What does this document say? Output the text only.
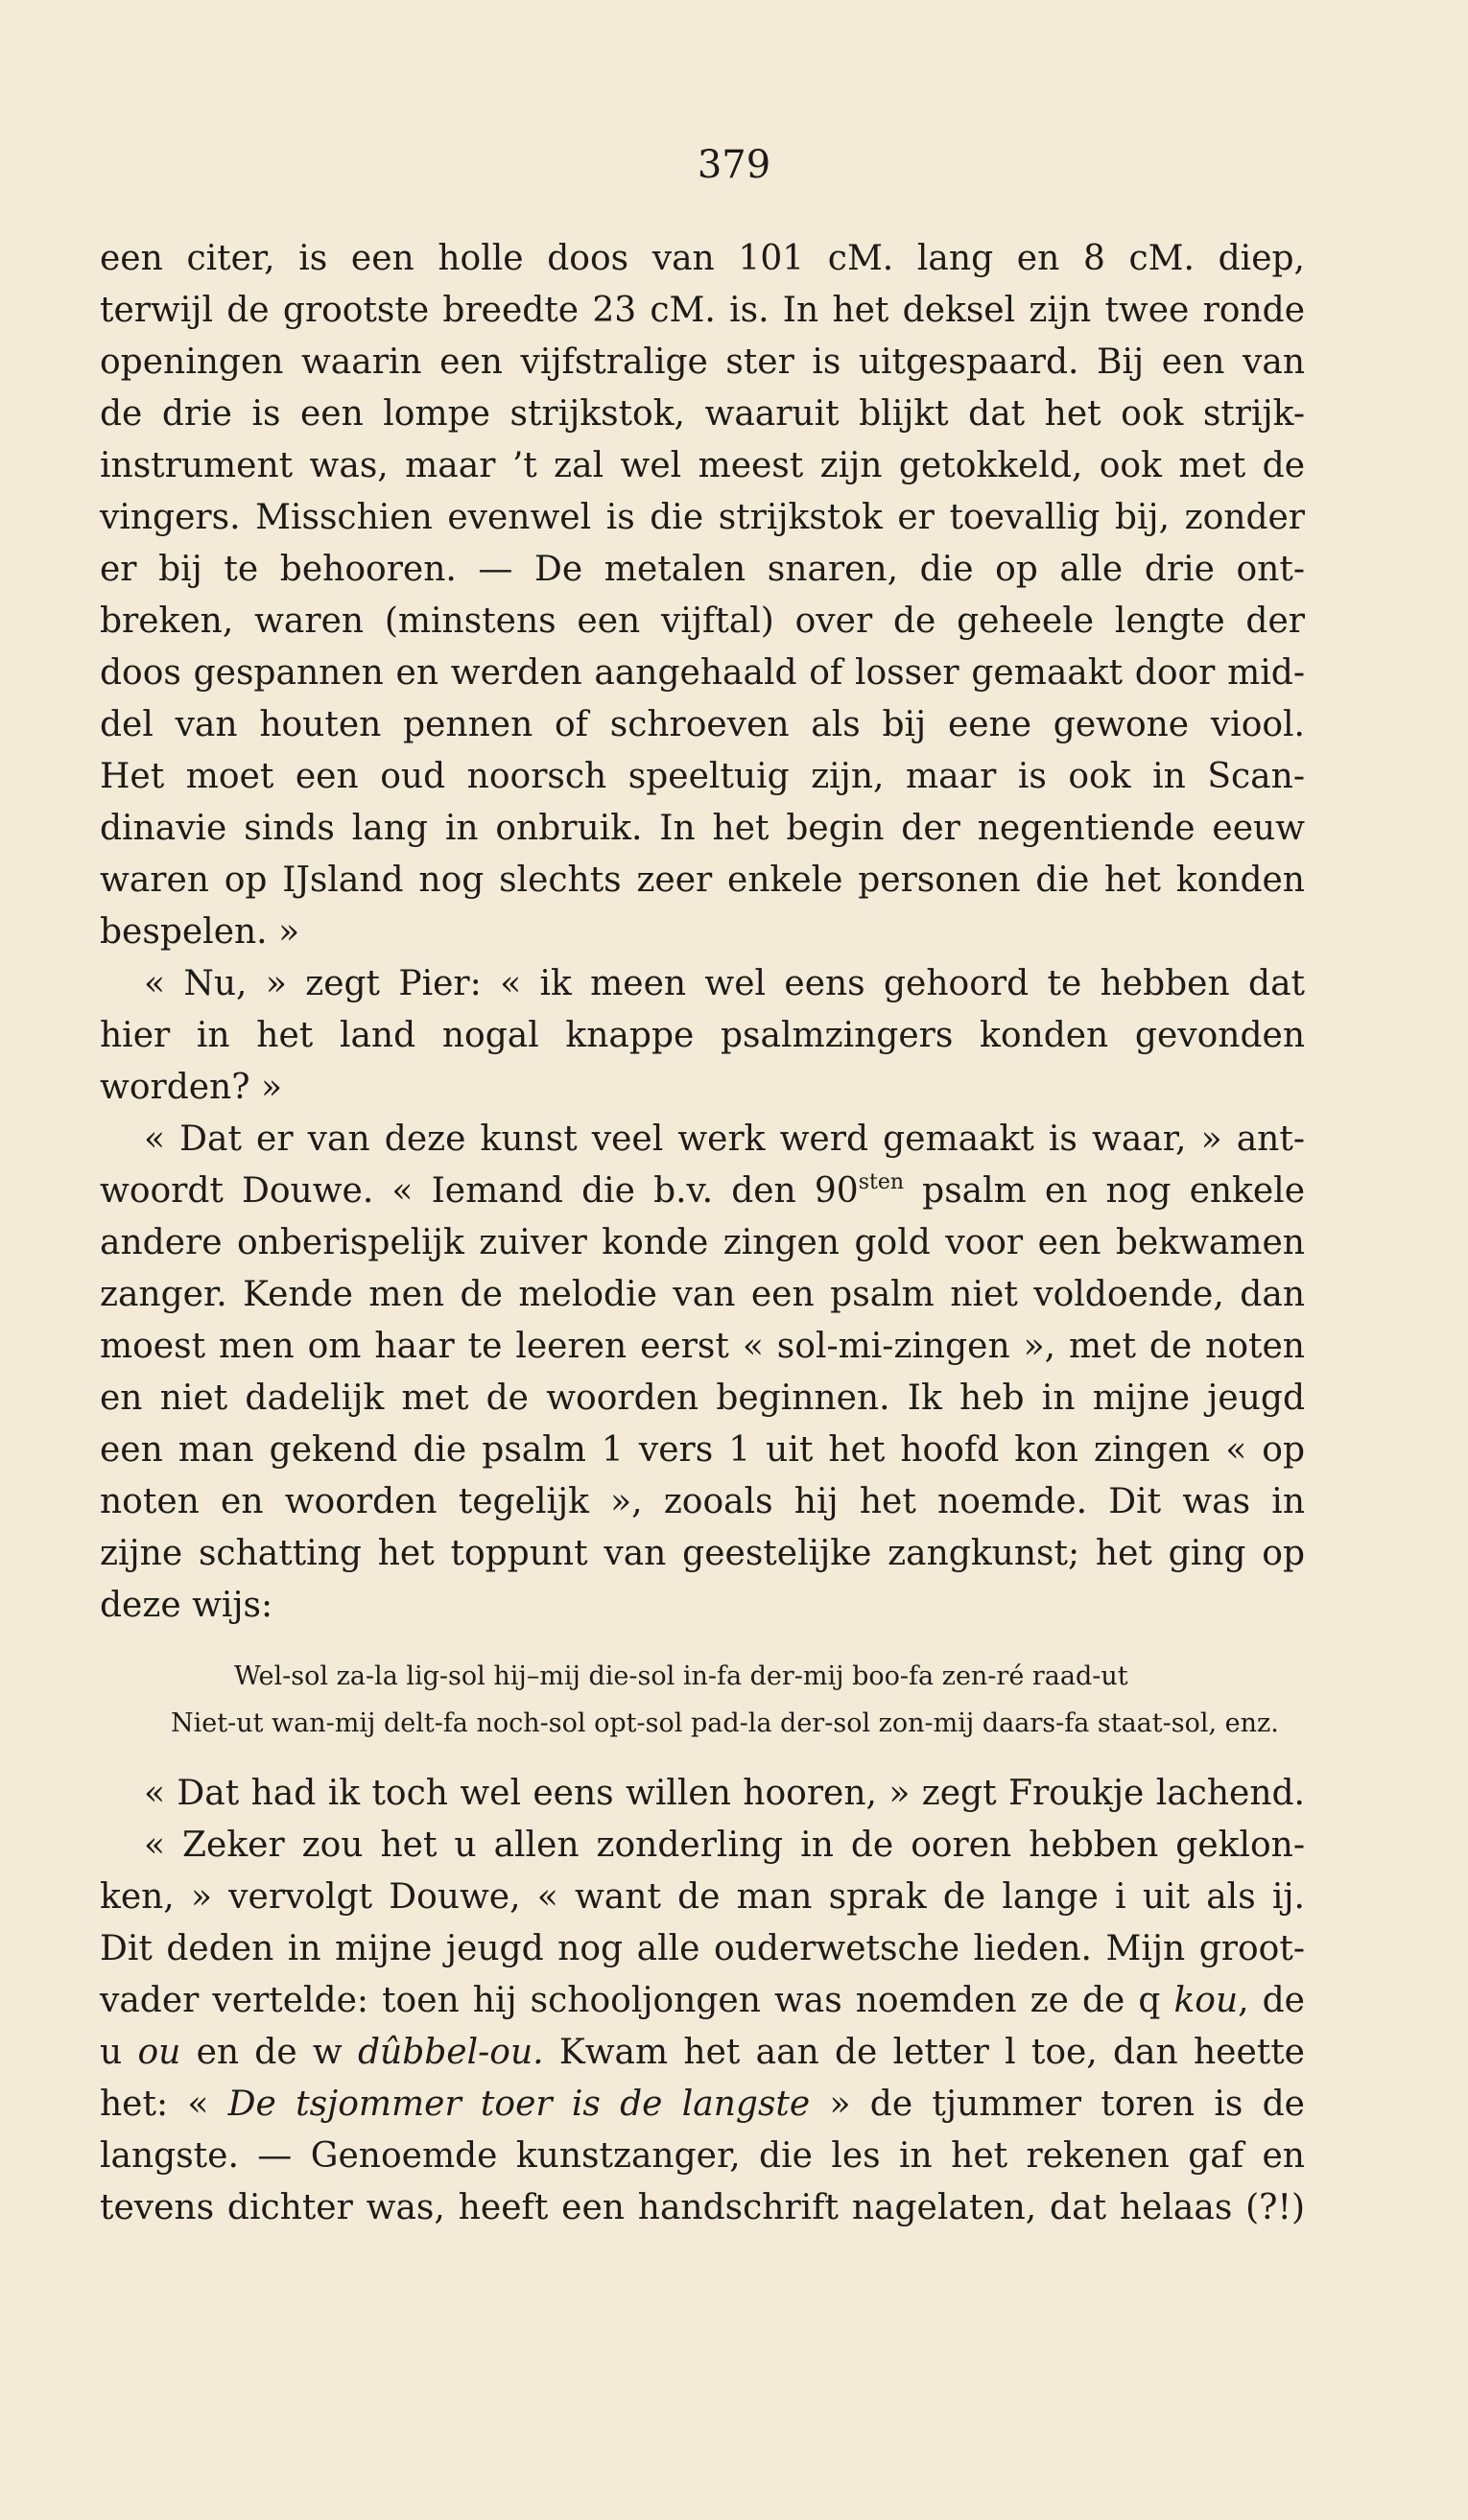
379
een citer, is een holle doos van 101 cM. lang en 8 cM. diep,
terwijl de grootste breedte 23 cM. is. In het deksel zijn twee ronde
openingen waarin een vijfstralige ster is uitgespaard. Bij een van
de drie is een lompe strijkstok, waaruit blijkt dat het ook strijk-
instrument was, maar ’t zal wel meest zijn getokkeld, ook met de
vingers. Misschien evenwel is die strijkstok er toevallig bij, zonder
er bij te behooren. — De metalen snaren, die op alle drie ont-
breken, waren (minstens een vijftal) over de geheele lengte der
doos gespannen en werden aangehaald of losser gemaakt door mid-
del van houten pennen of schroeven als bij eene gewone viool.
Het moet een oud noorsch speeltuig zijn, maar is ook in Scan-
dinavie sinds lang in onbruik. In het begin der negentiende eeuw
waren op IJsland nog slechts zeer enkele personen die het konden
bespelen. »
« Nu, » zegt Pier: « ik meen wel eens gehoord te hebben dat
hier in het land nogal knappe psalmzingers konden gevonden
worden? »
« Dat er van deze kunst veel werk werd gemaakt is waar, » ant-
woordt Douwe. « Iemand die b.v. den $90^{sten}$ psalm en nog enkele
andere onberispelijk zuiver konde zingen gold voor een bekwamen
zanger. Kende men de melodie van een psalm niet voldoende, dan
moest men om haar te leeren eerst « sol-mi-zingen », met de noten
en niet dadelijk met de woorden beginnen. Ik heb in mijne jeugd
een man gekend die psalm 1 vers 1 uit het hoofd kon zingen « op
noten en woorden tegelijk », zooals hij het noemde. Dit was in
zijne schatting het toppunt van geestelijke zangkunst; het ging op
deze wijs:
Wel-sol za-la lig-sol hij–mij die-sol in-fa der-mij boo-fa zen-ré raad-ut
Niet-ut wan-mij delt-fa noch-sol opt-sol pad-la der-sol zon-mij daars-fa staat-sol, enz.
« Dat had ik toch wel eens willen hooren, » zegt Froukje lachend.
« Zeker zou het u allen zonderling in de ooren hebben geklon-
ken, » vervolgt Douwe, « want de man sprak de lange i uit als ij.
Dit deden in mijne jeugd nog alle ouderwetsche lieden. Mijn groot-
vader vertelde: toen hij schooljongen was noemden ze de q kou, de
u ou en de w dûbbel-ou. Kwam het aan de letter l toe, dan heette
het: « De tsjommer toer is de langste » de tjummer toren is de
langste. — Genoemde kunstzanger, die les in het rekenen gaf en
tevens dichter was, heeft een handschrift nagelaten, dat helaas (?!)
